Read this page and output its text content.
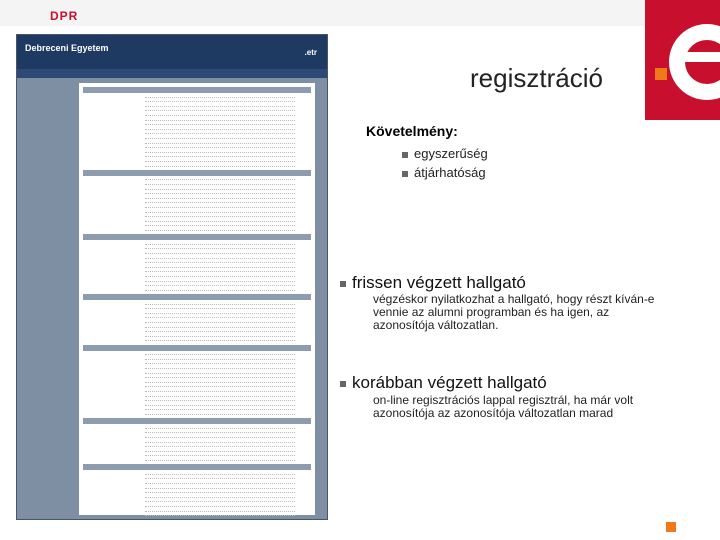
DPR
regisztráció
Debreceni Egyetem	.etr
Követelmény:
egyszerűség
átjárhatóság
frissen végzett hallgató
végzéskor nyilatkozhat a hallgató, hogy részt kíván-e vennie az alumni programban és ha igen, az azonosítója változatlan.
korábban végzett hallgató
on-line regisztrációs lappal regisztrál, ha már volt azonosítója az azonosítója változatlan marad
